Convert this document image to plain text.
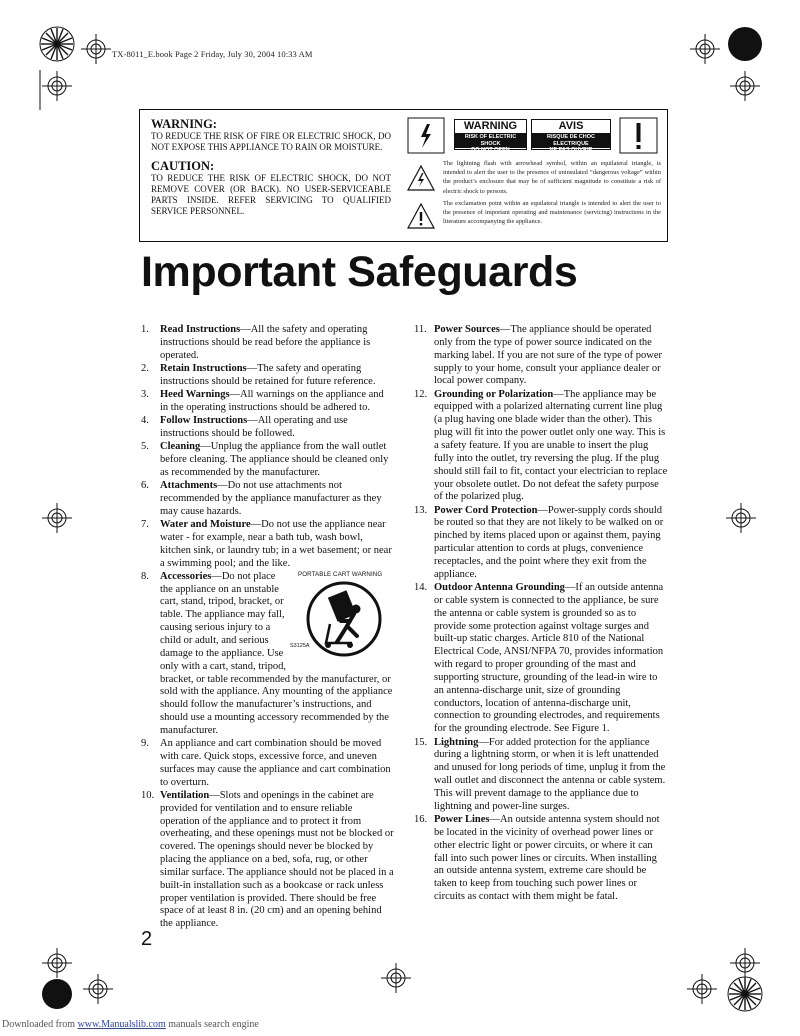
TX-8011_E.book Page 2 Friday, July 30, 2004 10:33 AM

WARNING:

TO REDUCE THE RISK OF FIRE OR ELECTRIC SHOCK, DO NOT EXPOSE THIS APPLIANCE TO RAIN OR MOISTURE.

CAUTION:

TO REDUCE THE RISK OF ELECTRIC SHOCK, DO NOT REMOVE COVER (OR BACK). NO USER-SERVICEABLE PARTS INSIDE. REFER SERVICING TO QUALIFIED SERVICE PERSONNEL.

WARNING
RISK OF ELECTRIC SHOCK
DO NOT OPEN
AVIS
RISQUE DE CHOC ELECTRIQUE
NE PAS OUVRIR
The lightning flash with arrowhead symbol, within an equilateral triangle, is intended to alert the user to the presence of uninsulated “dangerous voltage” within the product’s enclosure that may be of sufficient magnitude to constitute a risk of electric shock to persons.
The exclamation point within an equilateral triangle is intended to alert the user to the presence of important operating and maintenance (servicing) instructions in the literature accompanying the appliance.
Important Safeguards
1. Read Instructions—All the safety and operating instructions should be read before the appliance is operated.
2. Retain Instructions—The safety and operating instructions should be retained for future reference.
3. Heed Warnings—All warnings on the appliance and in the operating instructions should be adhered to.
4. Follow Instructions—All operating and use instructions should be followed.
5. Cleaning—Unplug the appliance from the wall outlet before cleaning. The appliance should be cleaned only as recommended by the manufacturer.
6. Attachments—Do not use attachments not recommended by the appliance manufacturer as they may cause hazards.
7. Water and Moisture—Do not use the appliance near water - for example, near a bath tub, wash bowl, kitchen sink, or laundry tub; in a wet basement; or near a swimming pool; and the like.
PORTABLE CART WARNING
S3125A
8. Accessories—Do not place the appliance on an unstable cart, stand, tripod, bracket, or table. The appliance may fall, causing serious injury to a child or adult, and serious damage to the appliance. Use only with a cart, stand, tripod, bracket, or table recommended by the manufacturer, or sold with the appliance. Any mounting of the appliance should follow the manufacturer’s instructions, and should use a mounting accessory recommended by the manufacturer.
9. An appliance and cart combination should be moved with care. Quick stops, excessive force, and uneven surfaces may cause the appliance and cart combination to overturn.
10. Ventilation—Slots and openings in the cabinet are provided for ventilation and to ensure reliable operation of the appliance and to protect it from overheating, and these openings must not be blocked or covered. The openings should never be blocked by placing the appliance on a bed, sofa, rug, or other similar surface. The appliance should not be placed in a built-in installation such as a bookcase or rack unless proper ventilation is provided. There should be free space of at least 8 in. (20 cm) and an opening behind the appliance.
11. Power Sources—The appliance should be operated only from the type of power source indicated on the marking label. If you are not sure of the type of power supply to your home, consult your appliance dealer or local power company.
12. Grounding or Polarization—The appliance may be equipped with a polarized alternating current line plug (a plug having one blade wider than the other). This plug will fit into the power outlet only one way. This is a safety feature. If you are unable to insert the plug fully into the outlet, try reversing the plug. If the plug should still fail to fit, contact your electrician to replace your obsolete outlet. Do not defeat the safety purpose of the polarized plug.
13. Power Cord Protection—Power-supply cords should be routed so that they are not likely to be walked on or pinched by items placed upon or against them, paying particular attention to cords at plugs, convenience receptacles, and the point where they exit from the appliance.
14. Outdoor Antenna Grounding—If an outside antenna or cable system is connected to the appliance, be sure the antenna or cable system is grounded so as to provide some protection against voltage surges and built-up static charges. Article 810 of the National Electrical Code, ANSI/NFPA 70, provides information with regard to proper grounding of the mast and supporting structure, grounding of the lead-in wire to an antenna-discharge unit, size of grounding conductors, location of antenna-discharge unit, connection to grounding electrodes, and requirements for the grounding electrode. See Figure 1.
15. Lightning—For added protection for the appliance during a lightning storm, or when it is left unattended and unused for long periods of time, unplug it from the wall outlet and disconnect the antenna or cable system. This will prevent damage to the appliance due to lightning and power-line surges.
16. Power Lines—An outside antenna system should not be located in the vicinity of overhead power lines or other electric light or power circuits, or where it can fall into such power lines or circuits. When installing an outside antenna system, extreme care should be taken to keep from touching such power lines or circuits as contact with them might be fatal.
2
Downloaded from www.Manualslib.com manuals search engine
